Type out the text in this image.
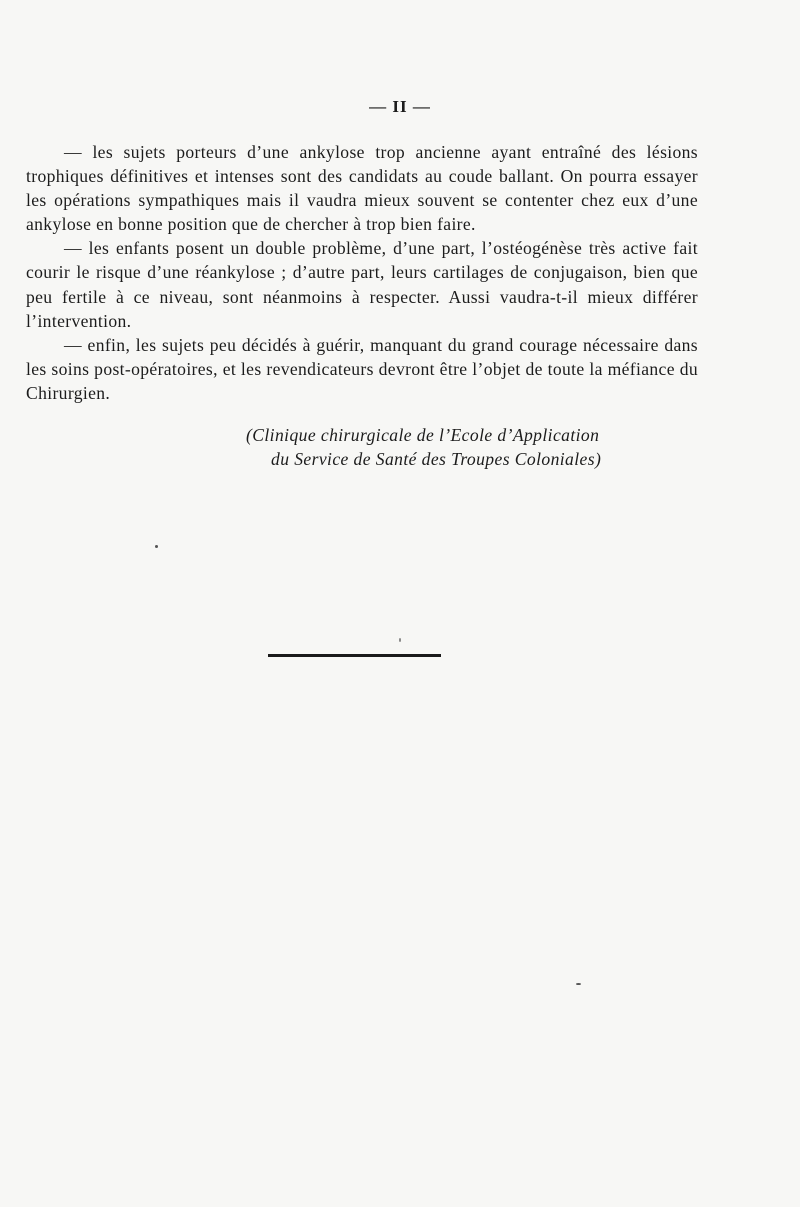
— II —

— les sujets porteurs d’une ankylose trop ancienne ayant entraîné des lésions trophiques définitives et intenses sont des candidats au coude ballant. On pourra essayer les opérations sympathiques mais il vaudra mieux souvent se contenter chez eux d’une ankylose en bonne position que de chercher à trop bien faire.

— les enfants posent un double problème, d’une part, l’ostéogénèse très active fait courir le risque d’une réankylose ; d’autre part, leurs cartilages de conjugaison, bien que peu fertile à ce niveau, sont néanmoins à respecter. Aussi vaudra-t-il mieux différer l’intervention.

— enfin, les sujets peu décidés à guérir, manquant du grand courage nécessaire dans les soins post-opératoires, et les revendicateurs devront être l’objet de toute la méfiance du Chirurgien.

(Clinique chirurgicale de l’Ecole d’Application
du Service de Santé des Troupes Coloniales)
